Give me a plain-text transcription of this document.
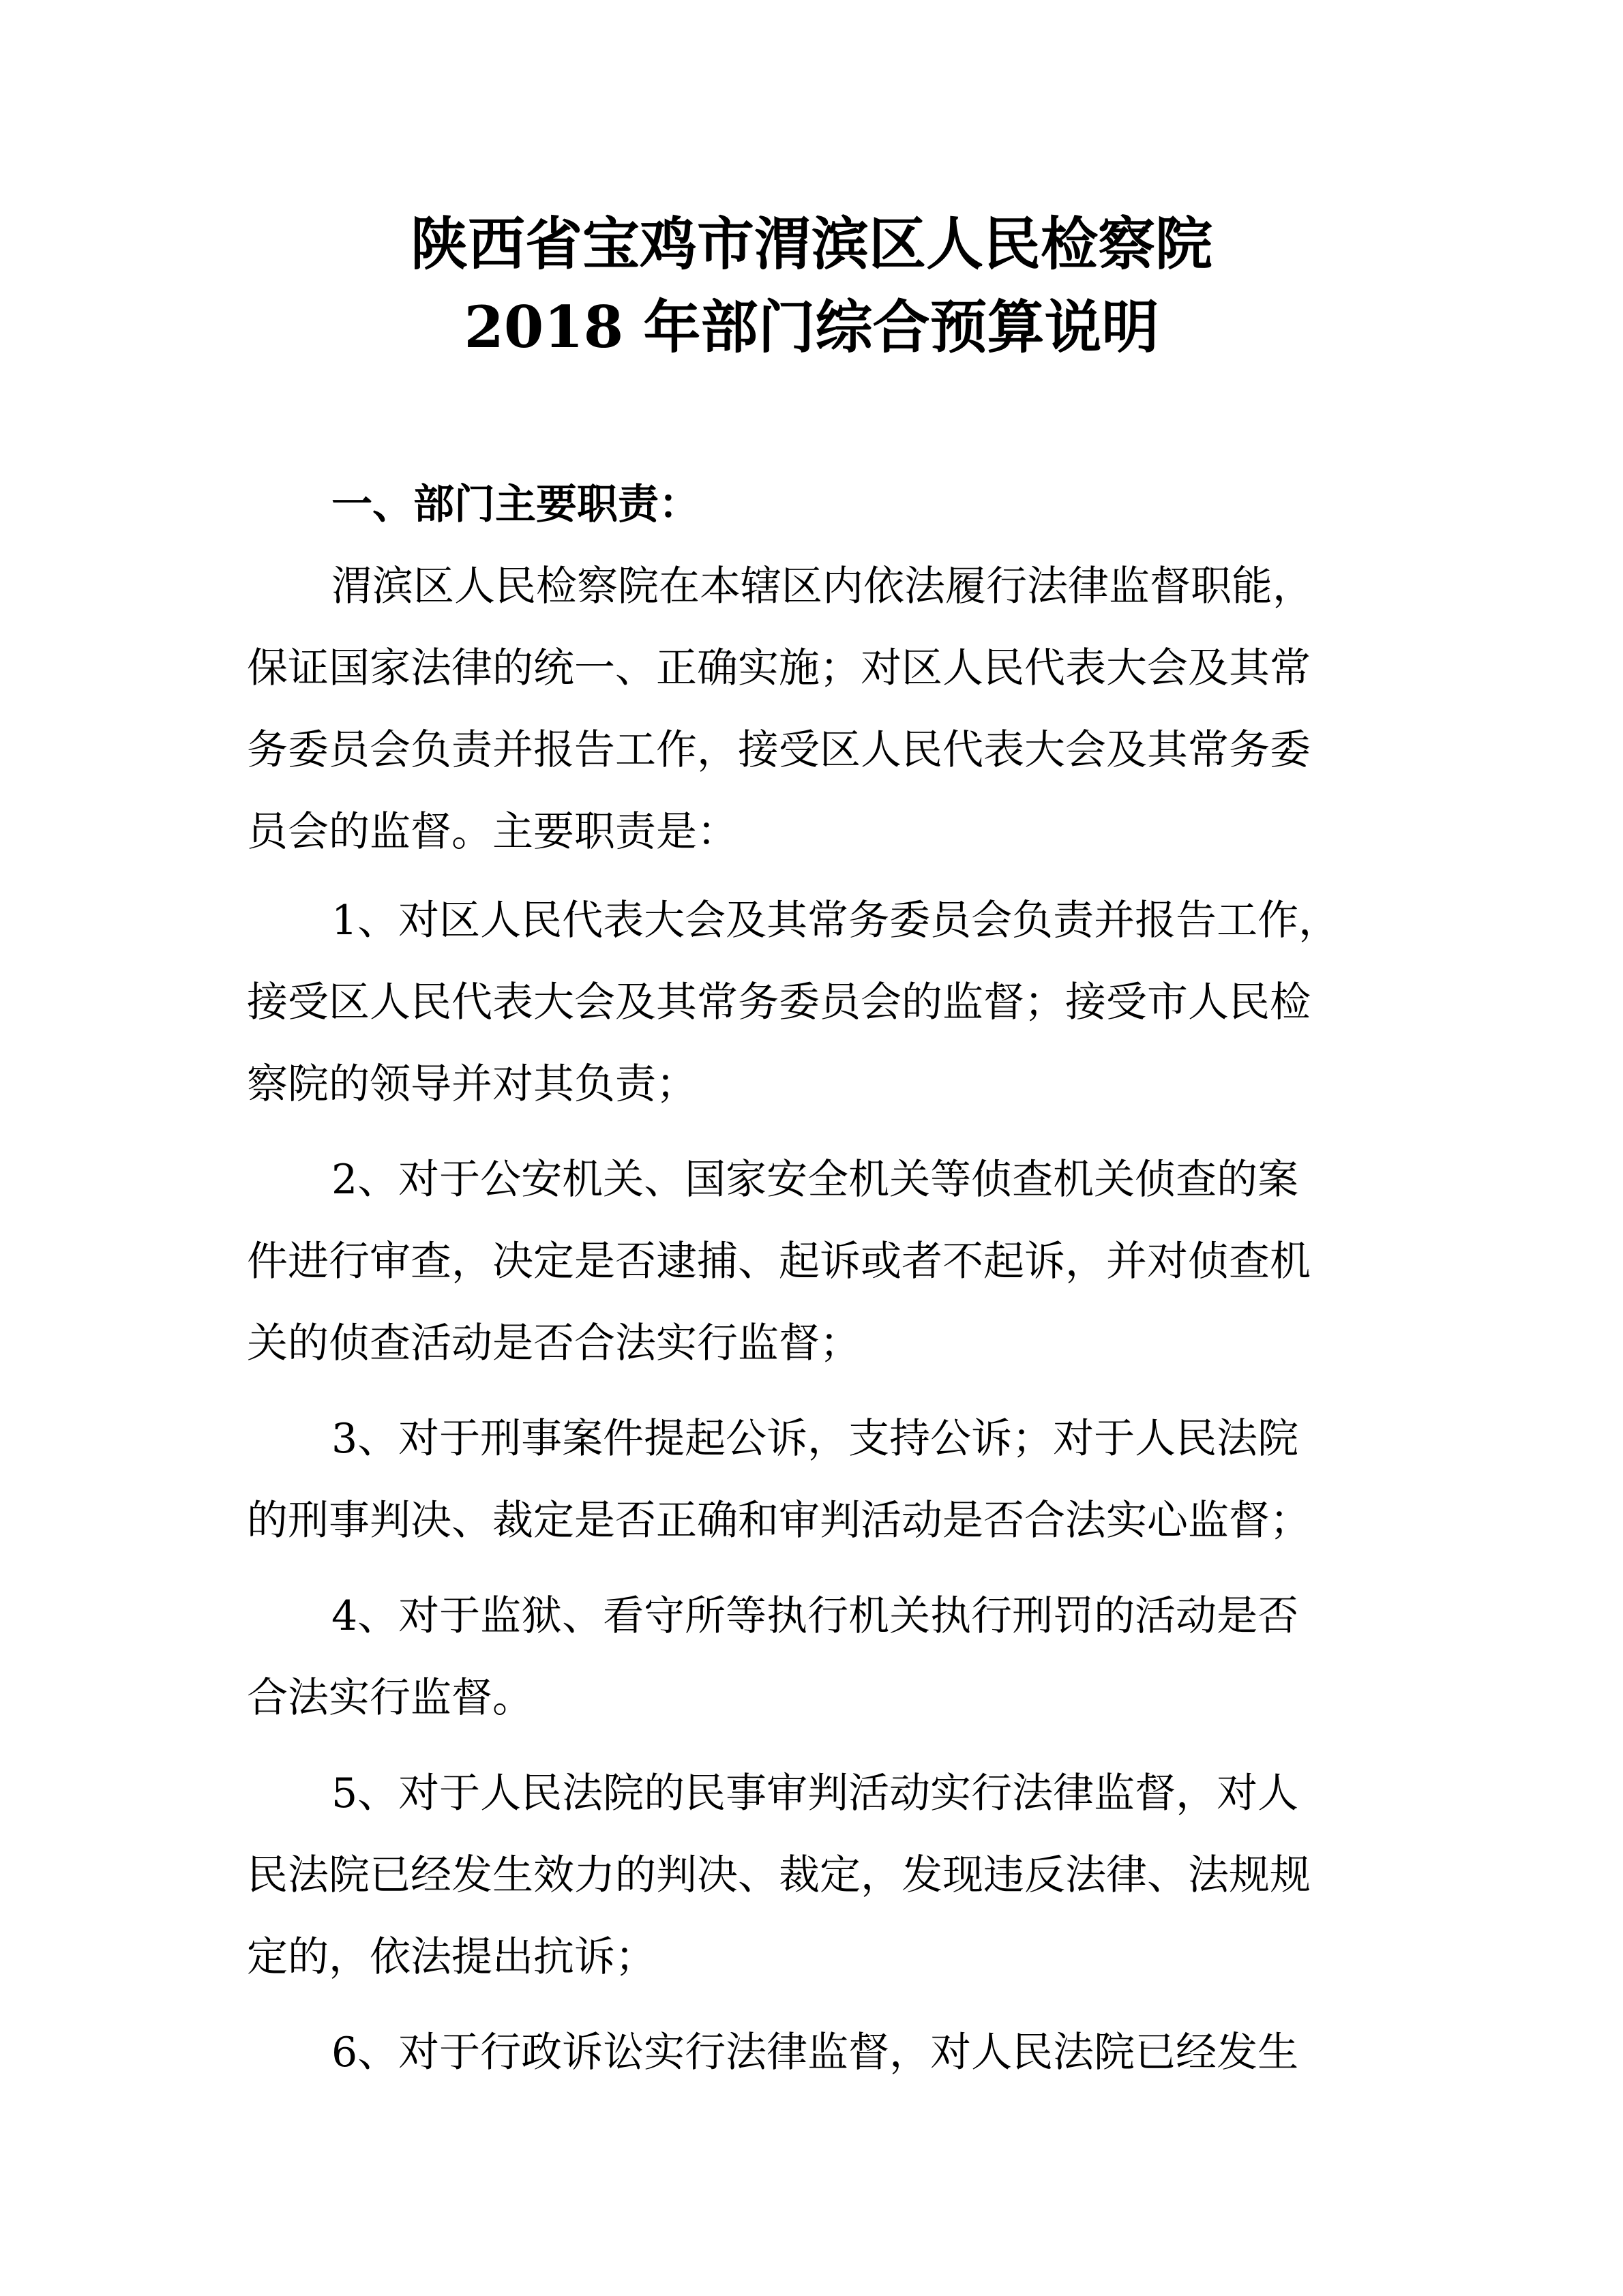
陕西省宝鸡市渭滨区人民检察院
2018 年部门综合预算说明
一、部门主要职责：
渭滨区人民检察院在本辖区内依法履行法律监督职能，
保证国家法律的统一、正确实施；对区人民代表大会及其常
务委员会负责并报告工作，接受区人民代表大会及其常务委
员会的监督。主要职责是：
1、对区人民代表大会及其常务委员会负责并报告工作，
接受区人民代表大会及其常务委员会的监督；接受市人民检
察院的领导并对其负责；
2、对于公安机关、国家安全机关等侦查机关侦查的案
件进行审查，决定是否逮捕、起诉或者不起诉，并对侦查机
关的侦查活动是否合法实行监督；
3、对于刑事案件提起公诉，支持公诉；对于人民法院
的刑事判决、裁定是否正确和审判活动是否合法实心监督；
4、对于监狱、看守所等执行机关执行刑罚的活动是否
合法实行监督。
5、对于人民法院的民事审判活动实行法律监督，对人
民法院已经发生效力的判决、裁定，发现违反法律、法规规
定的，依法提出抗诉；
6、对于行政诉讼实行法律监督，对人民法院已经发生
